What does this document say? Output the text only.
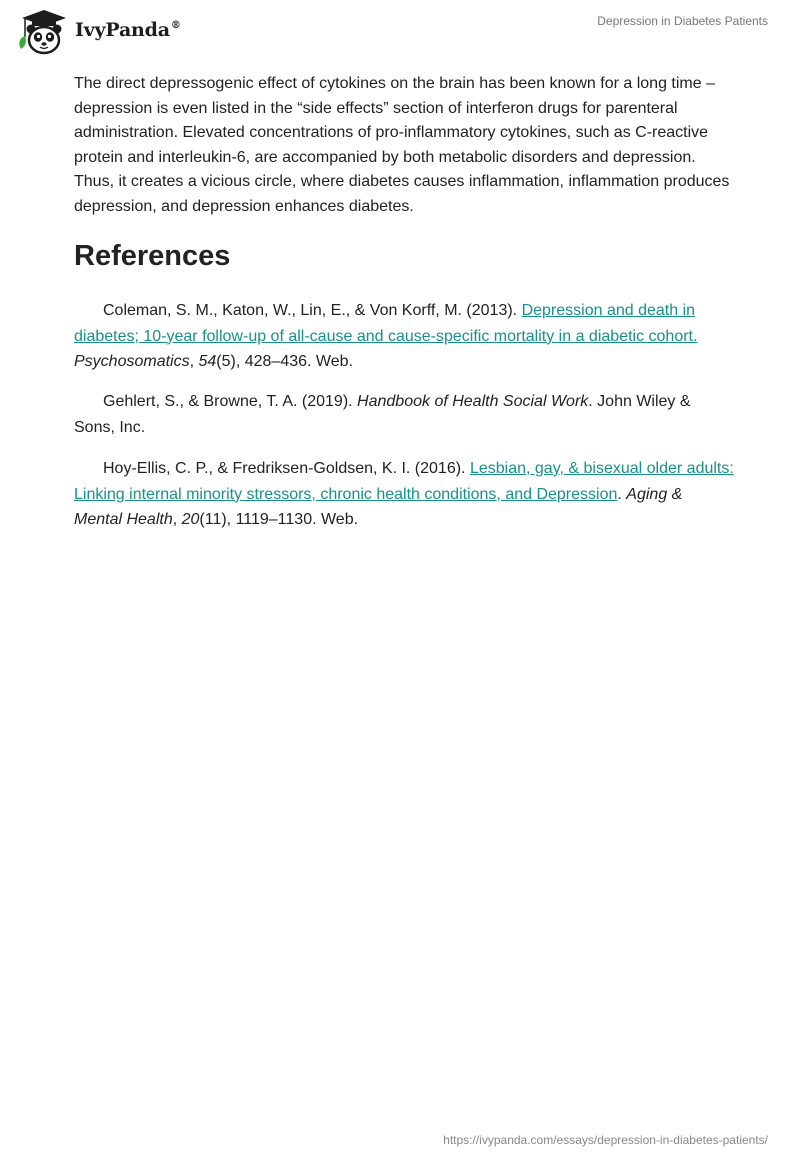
IvyPanda®	Depression in Diabetes Patients

The direct depressogenic effect of cytokines on the brain has been known for a long time – depression is even listed in the “side effects” section of interferon drugs for parenteral administration. Elevated concentrations of pro-inflammatory cytokines, such as C-reactive protein and interleukin-6, are accompanied by both metabolic disorders and depression. Thus, it creates a vicious circle, where diabetes causes inflammation, inflammation produces depression, and depression enhances diabetes.

References

Coleman, S. M., Katon, W., Lin, E., & Von Korff, M. (2013). Depression and death in diabetes; 10-year follow-up of all-cause and cause-specific mortality in a diabetic cohort. Psychosomatics, 54(5), 428–436. Web.

Gehlert, S., & Browne, T. A. (2019). Handbook of Health Social Work. John Wiley & Sons, Inc.

Hoy-Ellis, C. P., & Fredriksen-Goldsen, K. I. (2016). Lesbian, gay, & bisexual older adults: Linking internal minority stressors, chronic health conditions, and Depression. Aging & Mental Health, 20(11), 1119–1130. Web.

https://ivypanda.com/essays/depression-in-diabetes-patients/
